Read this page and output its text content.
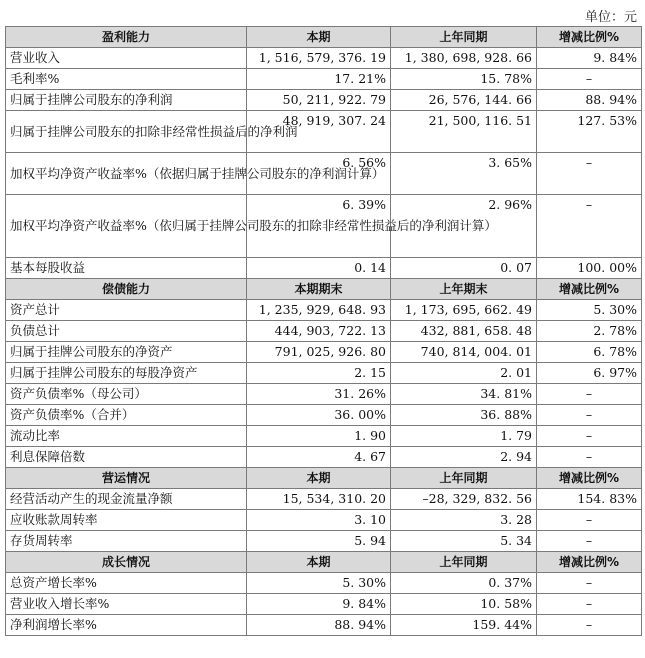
单位：元
盈利能力	本期	上年同期	增减比例%
营业收入	1, 516, 579, 376. 19	1, 380, 698, 928. 66	9. 84%
毛利率%	17. 21%	15. 78%	–
归属于挂牌公司股东的净利润	50, 211, 922. 79	26, 576, 144. 66	88. 94%
归属于挂牌公司股东的扣除非经常性损益后的净利润	48, 919, 307. 24	21, 500, 116. 51	127. 53%
加权平均净资产收益率%（依据归属于挂牌公司股东的净利润计算）	6. 56%	3. 65%	–
加权平均净资产收益率%（依归属于挂牌公司股东的扣除非经常性损益后的净利润计算）	6. 39%	2. 96%	–
基本每股收益	0. 14	0. 07	100. 00%
偿债能力	本期期末	上年期末	增减比例%
资产总计	1, 235, 929, 648. 93	1, 173, 695, 662. 49	5. 30%
负债总计	444, 903, 722. 13	432, 881, 658. 48	2. 78%
归属于挂牌公司股东的净资产	791, 025, 926. 80	740, 814, 004. 01	6. 78%
归属于挂牌公司股东的每股净资产	2. 15	2. 01	6. 97%
资产负债率%（母公司）	31. 26%	34. 81%	–
资产负债率%（合并）	36. 00%	36. 88%	–
流动比率	1. 90	1. 79	–
利息保障倍数	4. 67	2. 94	–
营运情况	本期	上年同期	增减比例%
经营活动产生的现金流量净额	15, 534, 310. 20	–28, 329, 832. 56	154. 83%
应收账款周转率	3. 10	3. 28	–
存货周转率	5. 94	5. 34	–
成长情况	本期	上年同期	增减比例%
总资产增长率%	5. 30%	0. 37%	–
营业收入增长率%	9. 84%	10. 58%	–
净利润增长率%	88. 94%	159. 44%	–
